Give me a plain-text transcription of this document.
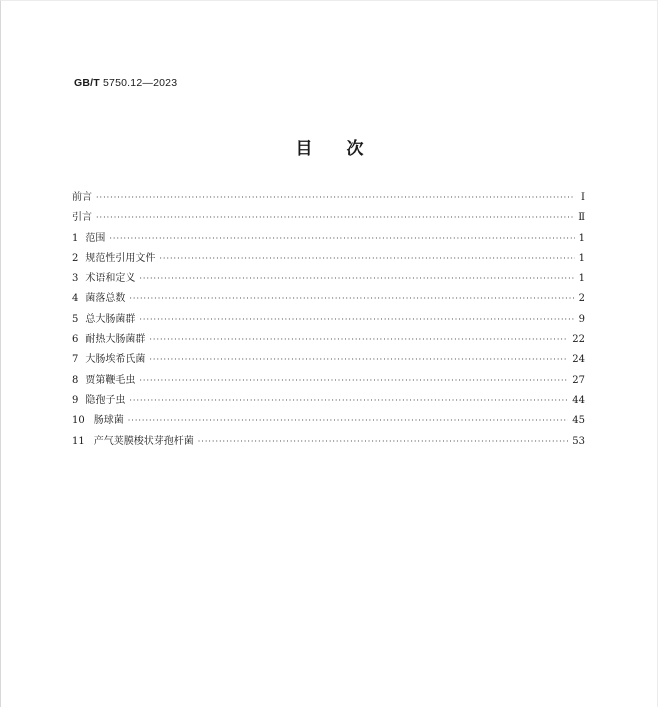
GB/T 5750.12—2023
目次
前言 ·····	Ⅰ
引言 ·····	Ⅱ
1 范围 ·····	1
2 规范性引用文件 ·····	1
3 术语和定义 ·····	1
4 菌落总数 ·····	2
5 总大肠菌群 ·····	9
6 耐热大肠菌群 ·····	22
7 大肠埃希氏菌 ·····	24
8 贾第鞭毛虫 ·····	27
9 隐孢子虫 ·····	44
10 肠球菌 ·····	45
11 产气荚膜梭状芽孢杆菌 ·····	53
